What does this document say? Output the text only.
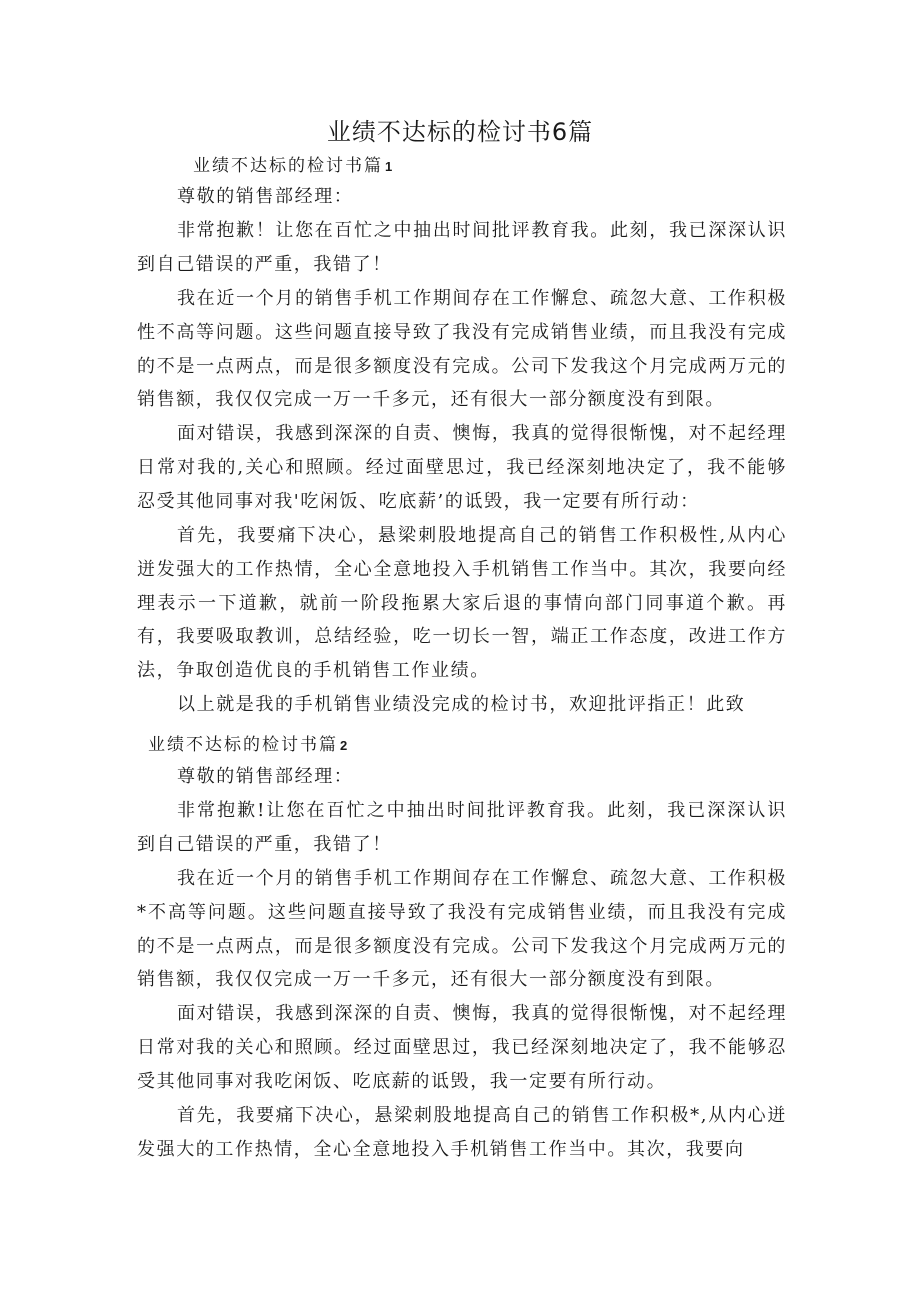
业绩不达标的检讨书6篇
业绩不达标的检讨书篇 1

尊敬的销售部经理：

非常抱歉！让您在百忙之中抽出时间批评教育我。此刻，我已深深认识到自己错误的严重，我错了！

我在近一个月的销售手机工作期间存在工作懈怠、疏忽大意、工作积极性不高等问题。这些问题直接导致了我没有完成销售业绩，而且我没有完成的不是一点两点，而是很多额度没有完成。公司下发我这个月完成两万元的销售额，我仅仅完成一万一千多元，还有很大一部分额度没有到限。

面对错误，我感到深深的自责、懊悔，我真的觉得很惭愧，对不起经理日常对我的,关心和照顾。经过面壁思过，我已经深刻地决定了，我不能够忍受其他同事对我'吃闲饭、吃底薪’的诋毁，我一定要有所行动：

首先，我要痛下决心，悬梁刺股地提高自己的销售工作积极性,从内心迸发强大的工作热情，全心全意地投入手机销售工作当中。其次，我要向经理表示一下道歉，就前一阶段拖累大家后退的事情向部门同事道个歉。再有，我要吸取教训，总结经验，吃一切长一智，端正工作态度，改进工作方法，争取创造优良的手机销售工作业绩。

以上就是我的手机销售业绩没完成的检讨书，欢迎批评指正！此致

业绩不达标的检讨书篇 2

尊敬的销售部经理：

非常抱歉!让您在百忙之中抽出时间批评教育我。此刻，我已深深认识到自己错误的严重，我错了！

我在近一个月的销售手机工作期间存在工作懈怠、疏忽大意、工作积极*不高等问题。这些问题直接导致了我没有完成销售业绩，而且我没有完成的不是一点两点，而是很多额度没有完成。公司下发我这个月完成两万元的销售额，我仅仅完成一万一千多元，还有很大一部分额度没有到限。

面对错误，我感到深深的自责、懊悔，我真的觉得很惭愧，对不起经理日常对我的关心和照顾。经过面壁思过，我已经深刻地决定了，我不能够忍受其他同事对我吃闲饭、吃底薪的诋毁，我一定要有所行动。

首先，我要痛下决心，悬梁刺股地提高自己的销售工作积极*,从内心迸发强大的工作热情，全心全意地投入手机销售工作当中。其次，我要向
